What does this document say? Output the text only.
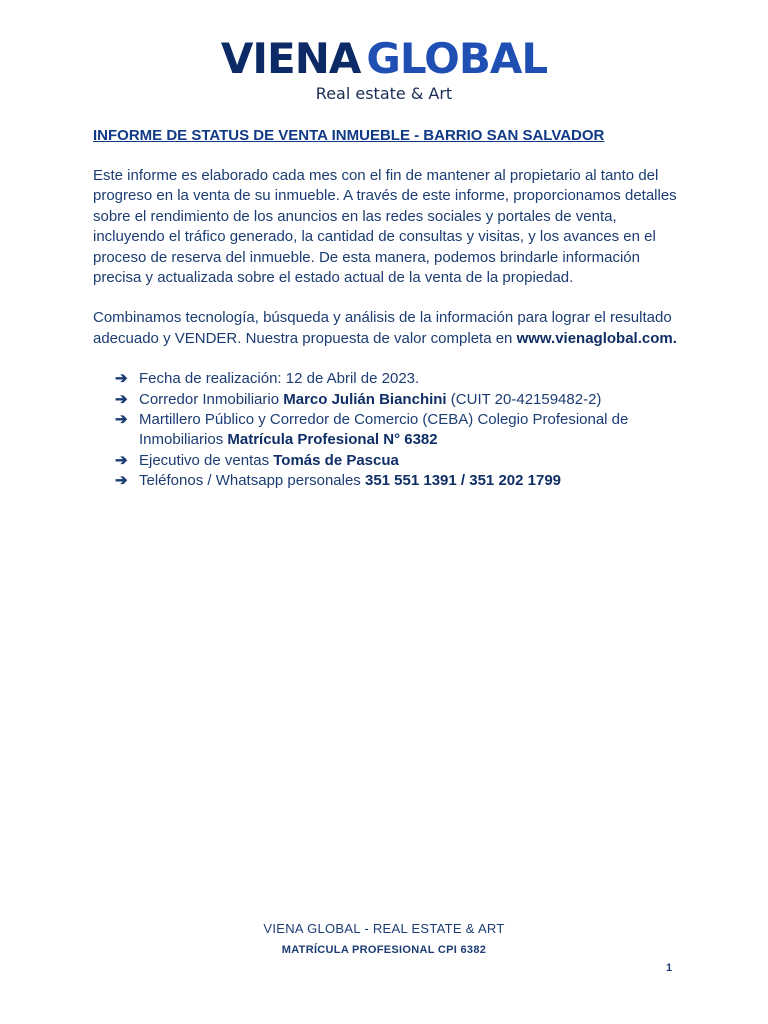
VIENA GLOBAL
Real estate & Art
INFORME DE STATUS DE VENTA INMUEBLE - BARRIO SAN SALVADOR

Este informe es elaborado cada mes con el fin de mantener al propietario al tanto del progreso en la venta de su inmueble. A través de este informe, proporcionamos detalles sobre el rendimiento de los anuncios en las redes sociales y portales de venta, incluyendo el tráfico generado, la cantidad de consultas y visitas, y los avances en el proceso de reserva del inmueble. De esta manera, podemos brindarle información precisa y actualizada sobre el estado actual de la venta de la propiedad.

Combinamos tecnología, búsqueda y análisis de la información para lograr el resultado adecuado y VENDER. Nuestra propuesta de valor completa en www.vienaglobal.com.

➔ Fecha de realización: 12 de Abril de 2023.
➔ Corredor Inmobiliario Marco Julián Bianchini (CUIT 20-42159482-2)
➔ Martillero Público y Corredor de Comercio (CEBA) Colegio Profesional de Inmobiliarios Matrícula Profesional N° 6382
➔ Ejecutivo de ventas Tomás de Pascua
➔ Teléfonos / Whatsapp personales 351 551 1391 / 351 202 1799
VIENA GLOBAL - REAL ESTATE & ART
MATRÍCULA PROFESIONAL CPI 6382
1
